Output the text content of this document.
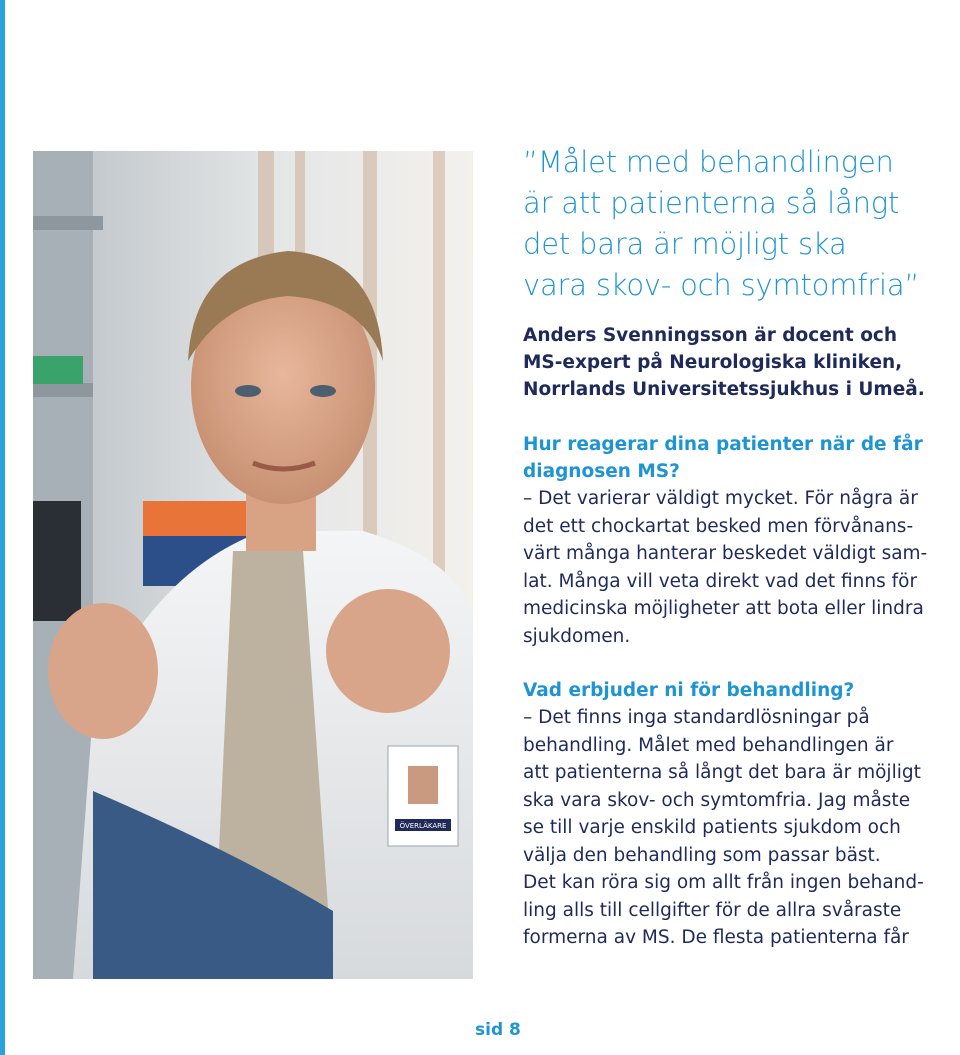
ÖVERLÄKARE

”Målet med behandlingen
är att patienterna så långt
det bara är möjligt ska
vara skov- och symtomfria”

Anders Svenningsson är docent och
MS-expert på Neurologiska kliniken,
Norrlands Universitetssjukhus i Umeå.

Hur reagerar dina patienter när de får
diagnosen MS?

– Det varierar väldigt mycket. För några är
det ett chockartat besked men förvånans-
värt många hanterar beskedet väldigt sam-
lat. Många vill veta direkt vad det finns för
medicinska möjligheter att bota eller lindra
sjukdomen.

Vad erbjuder ni för behandling?

– Det finns inga standardlösningar på
behandling. Målet med behandlingen är
att patienterna så långt det bara är möjligt
ska vara skov- och symtomfria. Jag måste
se till varje enskild patients sjukdom och
välja den behandling som passar bäst.
Det kan röra sig om allt från ingen behand-
ling alls till cellgifter för de allra svåraste
formerna av MS. De flesta patienterna får

sid 8
